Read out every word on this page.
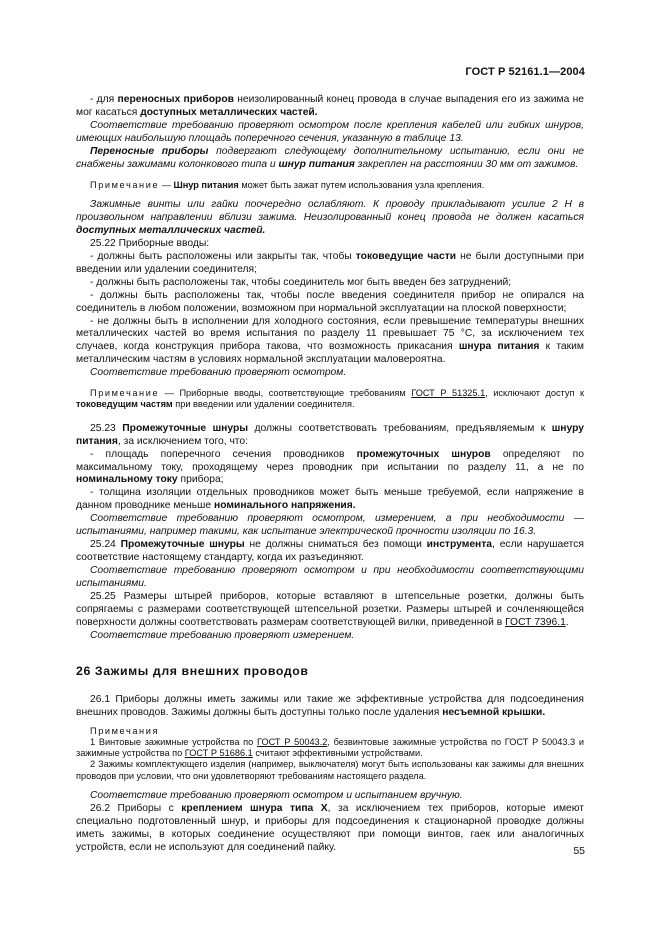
ГОСТ Р 52161.1—2004

- для переносных приборов неизолированный конец провода в случае выпадения его из зажима не мог касаться доступных металлических частей.

Соответствие требованию проверяют осмотром после крепления кабелей или гибких шнуров, имеющих наибольшую площадь поперечного сечения, указанную в таблице 13.

Переносные приборы подвергают следующему дополнительному испытанию, если они не снабжены зажимами колонкового типа и шнур питания закреплен на расстоянии 30 мм от зажимов.

Примечание — Шнур питания может быть зажат путем использования узла крепления.

Зажимные винты или гайки поочередно ослабляют. К проводу прикладывают усилие 2 Н в произвольном направлении вблизи зажима. Неизолированный конец провода не должен касаться доступных металлических частей.

25.22 Приборные вводы:

- должны быть расположены или закрыты так, чтобы токоведущие части не были доступными при введении или удалении соединителя;

- должны быть расположены так, чтобы соединитель мог быть введен без затруднений;

- должны быть расположены так, чтобы после введения соединителя прибор не опирался на соединитель в любом положении, возможном при нормальной эксплуатации на плоской поверхности;

- не должны быть в исполнении для холодного состояния, если превышение температуры внешних металлических частей во время испытания по разделу 11 превышает 75 °С, за исключением тех случаев, когда конструкция прибора такова, что возможность прикасания шнура питания к таким металлическим частям в условиях нормальной эксплуатации маловероятна.

Соответствие требованию проверяют осмотром.

Примечание — Приборные вводы, соответствующие требованиям ГОСТ Р 51325.1, исключают доступ к токоведущим частям при введении или удалении соединителя.

25.23 Промежуточные шнуры должны соответствовать требованиям, предъявляемым к шнуру питания, за исключением того, что:

- площадь поперечного сечения проводников промежуточных шнуров определяют по максимальному току, проходящему через проводник при испытании по разделу 11, а не по номинальному току прибора;

- толщина изоляции отдельных проводников может быть меньше требуемой, если напряжение в данном проводнике меньше номинального напряжения.

Соответствие требованию проверяют осмотром, измерением, а при необходимости — испытаниями, например такими, как испытание электрической прочности изоляции по 16.3.

25.24 Промежуточные шнуры не должны сниматься без помощи инструмента, если нарушается соответствие настоящему стандарту, когда их разъединяют.

Соответствие требованию проверяют осмотром и при необходимости соответствующими испытаниями.

25.25 Размеры штырей приборов, которые вставляют в штепсельные розетки, должны быть сопрягаемы с размерами соответствующей штепсельной розетки. Размеры штырей и сочленяющейся поверхности должны соответствовать размерам соответствующей вилки, приведенной в ГОСТ 7396.1.

Соответствие требованию проверяют измерением.

26 Зажимы для внешних проводов

26.1 Приборы должны иметь зажимы или такие же эффективные устройства для подсоединения внешних проводов. Зажимы должны быть доступны только после удаления несъемной крышки.

Примечания

1 Винтовые зажимные устройства по ГОСТ Р 50043.2, безвинтовые зажимные устройства по ГОСТ Р 50043.3 и зажимные устройства по ГОСТ Р 51686.1 считают эффективными устройствами.

2 Зажимы комплектующего изделия (например, выключателя) могут быть использованы как зажимы для внешних проводов при условии, что они удовлетворяют требованиям настоящего раздела.

Соответствие требованию проверяют осмотром и испытанием вручную.

26.2 Приборы с креплением шнура типа X, за исключением тех приборов, которые имеют специально подготовленный шнур, и приборы для подсоединения к стационарной проводке должны иметь зажимы, в которых соединение осуществляют при помощи винтов, гаек или аналогичных устройств, если не используют для соединений пайку.	55
